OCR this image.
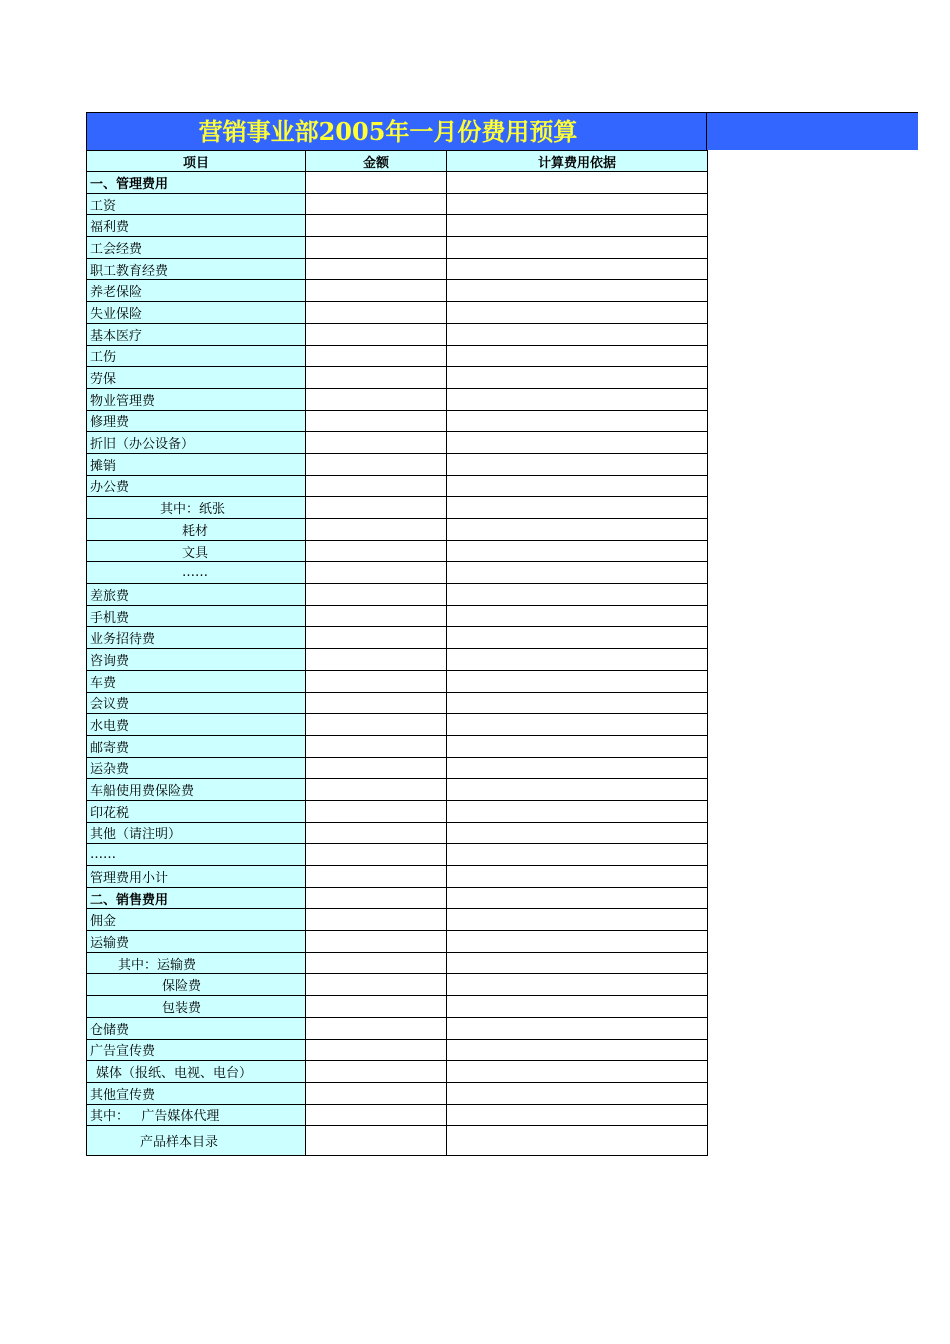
营销事业部2005年一月份费用预算
项目	金额	计算费用依据
一、管理费用		
工资		
福利费		
工会经费		
职工教育经费		
养老保险		
失业保险		
基本医疗		
工伤		
劳保		
物业管理费		
修理费		
折旧（办公设备）		
摊销		
办公费		
其中：纸张		
耗材		
文具		
……		
差旅费		
手机费		
业务招待费		
咨询费		
车费		
会议费		
水电费		
邮寄费		
运杂费		
车船使用费保险费		
印花税		
其他（请注明）		
……		
管理费用小计		
二、销售费用		
佣金		
运输费		
其中：运输费		
保险费		
包装费		
仓储费		
广告宣传费		
媒体（报纸、电视、电台）		
其他宣传费		
其中：   广告媒体代理		
产品样本目录		
